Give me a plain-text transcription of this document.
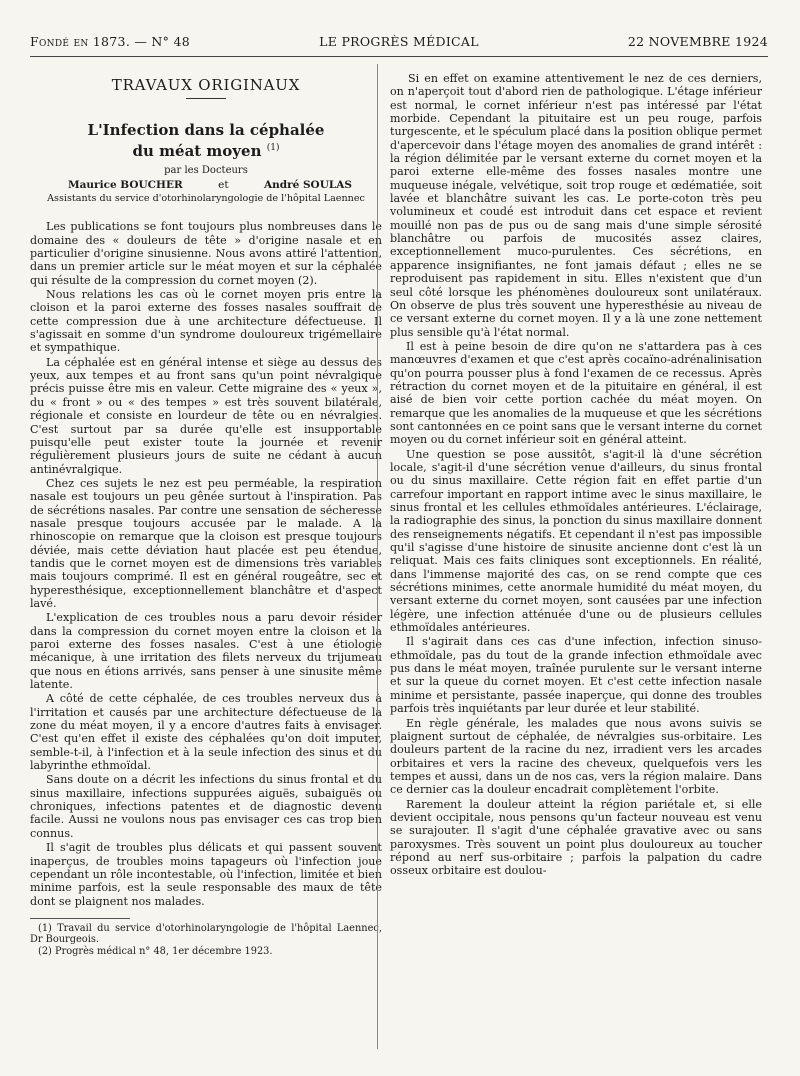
Fondé en 1873. — N° 48	LE PROGRÈS MÉDICAL	22 NOVEMBRE 1924
TRAVAUX ORIGINAUX
L'Infection dans la céphalée
du méat moyen $^{(1)}$
par les Docteurs
Maurice BOUCHER	et	André SOULAS
Assistants du service d'otorhinolaryngologie de l'hôpital Laennec

Les publications se font toujours plus nombreuses dans le domaine des « douleurs de tête » d'origine nasale et en particulier d'origine sinusienne. Nous avons attiré l'attention, dans un premier article sur le méat moyen et sur la céphalée qui résulte de la compression du cornet moyen (2).

Nous relations les cas où le cornet moyen pris entre la cloison et la paroi externe des fosses nasales souffrait de cette compression due à une architecture défectueuse. Il s'agissait en somme d'un syndrome douloureux trigémellaire et sympathique.

La céphalée est en général intense et siège au dessus des yeux, aux tempes et au front sans qu'un point névralgique précis puisse être mis en valeur. Cette migraine des « yeux », du « front » ou « des tempes » est très souvent bilatérale, régionale et consiste en lourdeur de tête ou en névralgies. C'est surtout par sa durée qu'elle est insupportable puisqu'elle peut exister toute la journée et revenir régulièrement plusieurs jours de suite ne cédant à aucun antinévralgique.

Chez ces sujets le nez est peu perméable, la respiration nasale est toujours un peu gênée surtout à l'inspiration. Pas de sécrétions nasales. Par contre une sensation de sécheresse nasale presque toujours accusée par le malade. A la rhinoscopie on remarque que la cloison est presque toujours déviée, mais cette déviation haut placée est peu étendue, tandis que le cornet moyen est de dimensions très variables mais toujours comprimé. Il est en général rougeâtre, sec et hyperesthésique, exceptionnellement blanchâtre et d'aspect lavé.

L'explication de ces troubles nous a paru devoir résider dans la compression du cornet moyen entre la cloison et la paroi externe des fosses nasales. C'est à une étiologie mécanique, à une irritation des filets nerveux du trijumeau que nous en étions arrivés, sans penser à une sinusite même latente.

A côté de cette céphalée, de ces troubles nerveux dus à l'irritation et causés par une architecture défectueuse de la zone du méat moyen, il y a encore d'autres faits à envisager. C'est qu'en effet il existe des céphalées qu'on doit imputer, semble-t-il, à l'infection et à la seule infection des sinus et du labyrinthe ethmoïdal.

Sans doute on a décrit les infections du sinus frontal et du sinus maxillaire, infections suppurées aiguës, subaiguës ou chroniques, infections patentes et de diagnostic devenu facile. Aussi ne voulons nous pas envisager ces cas trop bien connus.

Il s'agit de troubles plus délicats et qui passent souvent inaperçus, de troubles moins tapageurs où l'infection joue cependant un rôle incontestable, où l'infection, limitée et bien minime parfois, est la seule responsable des maux de tête dont se plaignent nos malades.

(1) Travail du service d'otorhinolaryngologie de l'hôpital Laennec, Dr Bourgeois.

(2) Progrès médical n° 48, 1er décembre 1923.

Si en effet on examine attentivement le nez de ces derniers, on n'aperçoit tout d'abord rien de pathologique. L'étage inférieur est normal, le cornet inférieur n'est pas intéressé par l'état morbide. Cependant la pituitaire est un peu rouge, parfois turgescente, et le spéculum placé dans la position oblique permet d'apercevoir dans l'étage moyen des anomalies de grand intérêt : la région délimitée par le versant externe du cornet moyen et la paroi externe elle-même des fosses nasales montre une muqueuse inégale, velvétique, soit trop rouge et œdématiée, soit lavée et blanchâtre suivant les cas. Le porte-coton très peu volumineux et coudé est introduit dans cet espace et revient mouillé non pas de pus ou de sang mais d'une simple sérosité blanchâtre ou parfois de mucosités assez claires, exceptionnellement muco-purulentes. Ces sécrétions, en apparence insignifiantes, ne font jamais défaut ; elles ne se reproduisent pas rapidement in situ. Elles n'existent que d'un seul côté lorsque les phénomènes douloureux sont unilatéraux. On observe de plus très souvent une hyperesthésie au niveau de ce versant externe du cornet moyen. Il y a là une zone nettement plus sensible qu'à l'état normal.

Il est à peine besoin de dire qu'on ne s'attardera pas à ces manœuvres d'examen et que c'est après cocaïno-adrénalinisation qu'on pourra pousser plus à fond l'examen de ce recessus. Après rétraction du cornet moyen et de la pituitaire en général, il est aisé de bien voir cette portion cachée du méat moyen. On remarque que les anomalies de la muqueuse et que les sécrétions sont cantonnées en ce point sans que le versant interne du cornet moyen ou du cornet inférieur soit en général atteint.

Une question se pose aussitôt, s'agit-il là d'une sécrétion locale, s'agit-il d'une sécrétion venue d'ailleurs, du sinus frontal ou du sinus maxillaire. Cette région fait en effet partie d'un carrefour important en rapport intime avec le sinus maxillaire, le sinus frontal et les cellules ethmoïdales antérieures. L'éclairage, la radiographie des sinus, la ponction du sinus maxillaire donnent des renseignements négatifs. Et cependant il n'est pas impossible qu'il s'agisse d'une histoire de sinusite ancienne dont c'est là un reliquat. Mais ces faits cliniques sont exceptionnels. En réalité, dans l'immense majorité des cas, on se rend compte que ces sécrétions minimes, cette anormale humidité du méat moyen, du versant externe du cornet moyen, sont causées par une infection légère, une infection atténuée d'une ou de plusieurs cellules ethmoïdales antérieures.

Il s'agirait dans ces cas d'une infection, infection sinuso-ethmoïdale, pas du tout de la grande infection ethmoïdale avec pus dans le méat moyen, traînée purulente sur le versant interne et sur la queue du cornet moyen. Et c'est cette infection nasale minime et persistante, passée inaperçue, qui donne des troubles parfois très inquiétants par leur durée et leur stabilité.

En règle générale, les malades que nous avons suivis se plaignent surtout de céphalée, de névralgies sus-orbitaire. Les douleurs partent de la racine du nez, irradient vers les arcades orbitaires et vers la racine des cheveux, quelquefois vers les tempes et aussi, dans un de nos cas, vers la région malaire. Dans ce dernier cas la douleur encadrait complètement l'orbite.

Rarement la douleur atteint la région pariétale et, si elle devient occipitale, nous pensons qu'un facteur nouveau est venu se surajouter. Il s'agit d'une céphalée gravative avec ou sans paroxysmes. Très souvent un point plus douloureux au toucher répond au nerf sus-orbitaire ; parfois la palpation du cadre osseux orbitaire est doulou-
